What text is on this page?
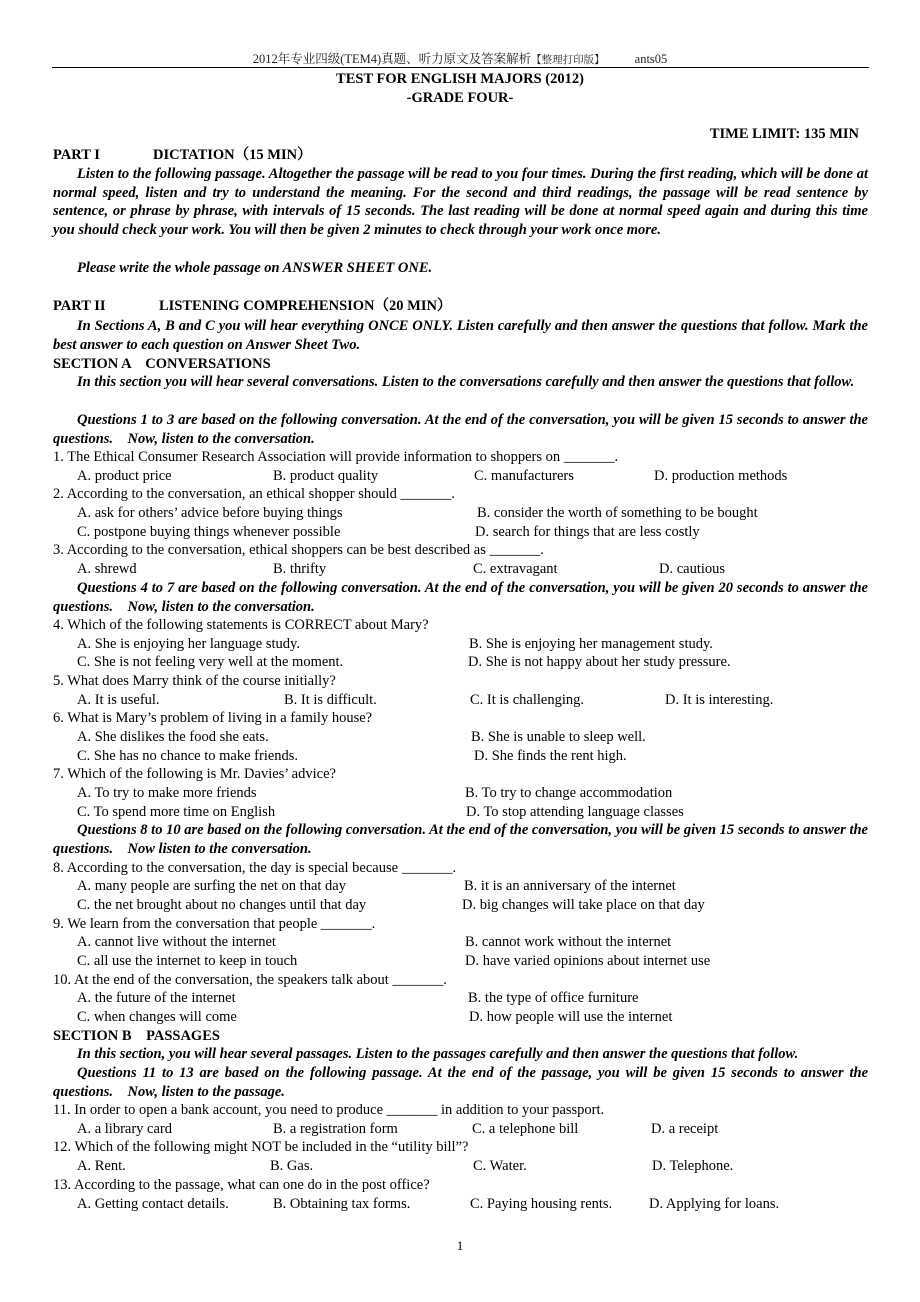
2012年专业四级(TEM4)真题、听力原文及答案解析【整理打印版】 ants05
TEST FOR ENGLISH MAJORS (2012)
-GRADE FOUR-
TIME LIMIT: 135 MIN
PART I	DICTATION（15 MIN）
Listen to the following passage. Altogether the passage will be read to you four times. During the first reading, which will be done at normal speed, listen and try to understand the meaning. For the second and third readings, the passage will be read sentence by sentence, or phrase by phrase, with intervals of 15 seconds. The last reading will be done at normal speed again and during this time you should check your work. You will then be given 2 minutes to check through your work once more.
Please write the whole passage on ANSWER SHEET ONE.
PART II	LISTENING COMPREHENSION（20 MIN）
In Sections A, B and C you will hear everything ONCE ONLY. Listen carefully and then answer the questions that follow. Mark the best answer to each question on Answer Sheet Two.
SECTION A    CONVERSATIONS
In this section you will hear several conversations. Listen to the conversations carefully and then answer the questions that follow.
Questions 1 to 3 are based on the following conversation. At the end of the conversation, you will be given 15 seconds to answer the questions.    Now, listen to the conversation.
1. The Ethical Consumer Research Association will provide information to shoppers on _______.
A. product price	B. product quality	C. manufacturers	D. production methods
2. According to the conversation, an ethical shopper should _______.
A. ask for others’ advice before buying things	B. consider the worth of something to be bought
C. postpone buying things whenever possible	D. search for things that are less costly
3. According to the conversation, ethical shoppers can be best described as _______.
A. shrewd	B. thrifty	C. extravagant	D. cautious
Questions 4 to 7 are based on the following conversation. At the end of the conversation, you will be given 20 seconds to answer the questions.    Now, listen to the conversation.
4. Which of the following statements is CORRECT about Mary?
A. She is enjoying her language study.	B. She is enjoying her management study.
C. She is not feeling very well at the moment.	D. She is not happy about her study pressure.
5. What does Marry think of the course initially?
A. It is useful.	B. It is difficult.	C. It is challenging.	D. It is interesting.
6. What is Mary’s problem of living in a family house?
A. She dislikes the food she eats.	B. She is unable to sleep well.
C. She has no chance to make friends.	D. She finds the rent high.
7. Which of the following is Mr. Davies’ advice?
A. To try to make more friends	B. To try to change accommodation
C. To spend more time on English	D. To stop attending language classes
Questions 8 to 10 are based on the following conversation. At the end of the conversation, you will be given 15 seconds to answer the questions.    Now listen to the conversation.
8. According to the conversation, the day is special because _______.
A. many people are surfing the net on that day	B. it is an anniversary of the internet
C. the net brought about no changes until that day	D. big changes will take place on that day
9. We learn from the conversation that people _______.
A. cannot live without the internet	B. cannot work without the internet
C. all use the internet to keep in touch	D. have varied opinions about internet use
10. At the end of the conversation, the speakers talk about _______.
A. the future of the internet	B. the type of office furniture
C. when changes will come	D. how people will use the internet
SECTION B    PASSAGES
In this section, you will hear several passages. Listen to the passages carefully and then answer the questions that follow.
Questions 11 to 13 are based on the following passage. At the end of the passage, you will be given 15 seconds to answer the questions.    Now, listen to the passage.
11. In order to open a bank account, you need to produce _______ in addition to your passport.
A. a library card	B. a registration form	C. a telephone bill	D. a receipt
12. Which of the following might NOT be included in the “utility bill”?
A. Rent.	B. Gas.	C. Water.	D. Telephone.
13. According to the passage, what can one do in the post office?
A. Getting contact details.	B. Obtaining tax forms.	C. Paying housing rents.	D. Applying for loans.
1
